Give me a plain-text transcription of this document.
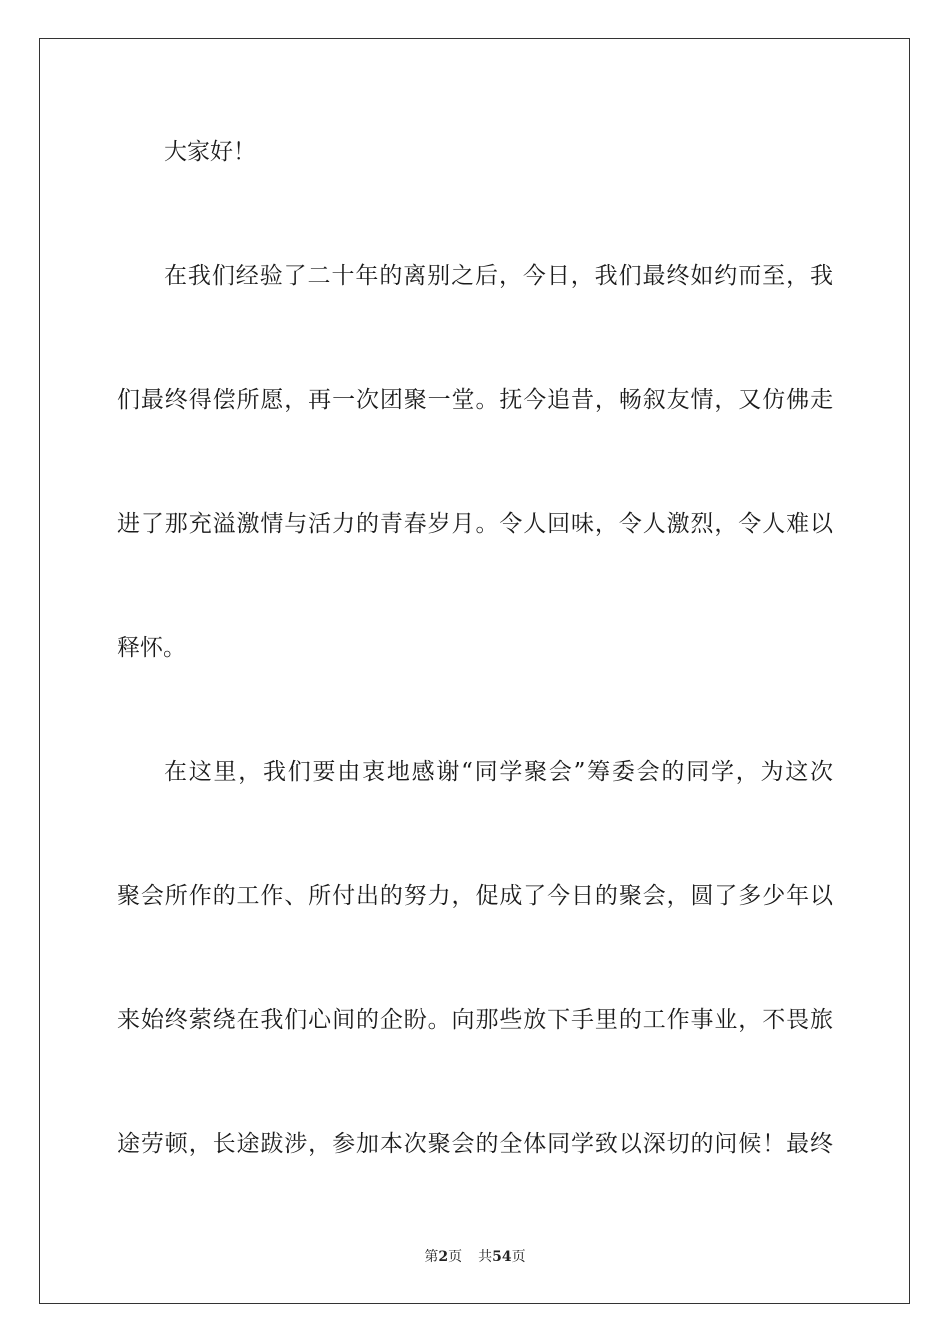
大家好！

在我们经验了二十年的离别之后，今日，我们最终如约而至，我

们最终得偿所愿，再一次团聚一堂。抚今追昔，畅叙友情，又仿佛走

进了那充溢激情与活力的青春岁月。令人回味，令人激烈，令人难以

释怀。

在这里，我们要由衷地感谢“同学聚会”筹委会的同学，为这次

聚会所作的工作、所付出的努力，促成了今日的聚会，圆了多少年以

来始终萦绕在我们心间的企盼。向那些放下手里的工作事业，不畏旅

途劳顿，长途跋涉，参加本次聚会的全体同学致以深切的问候！最终

第2页 共54页
